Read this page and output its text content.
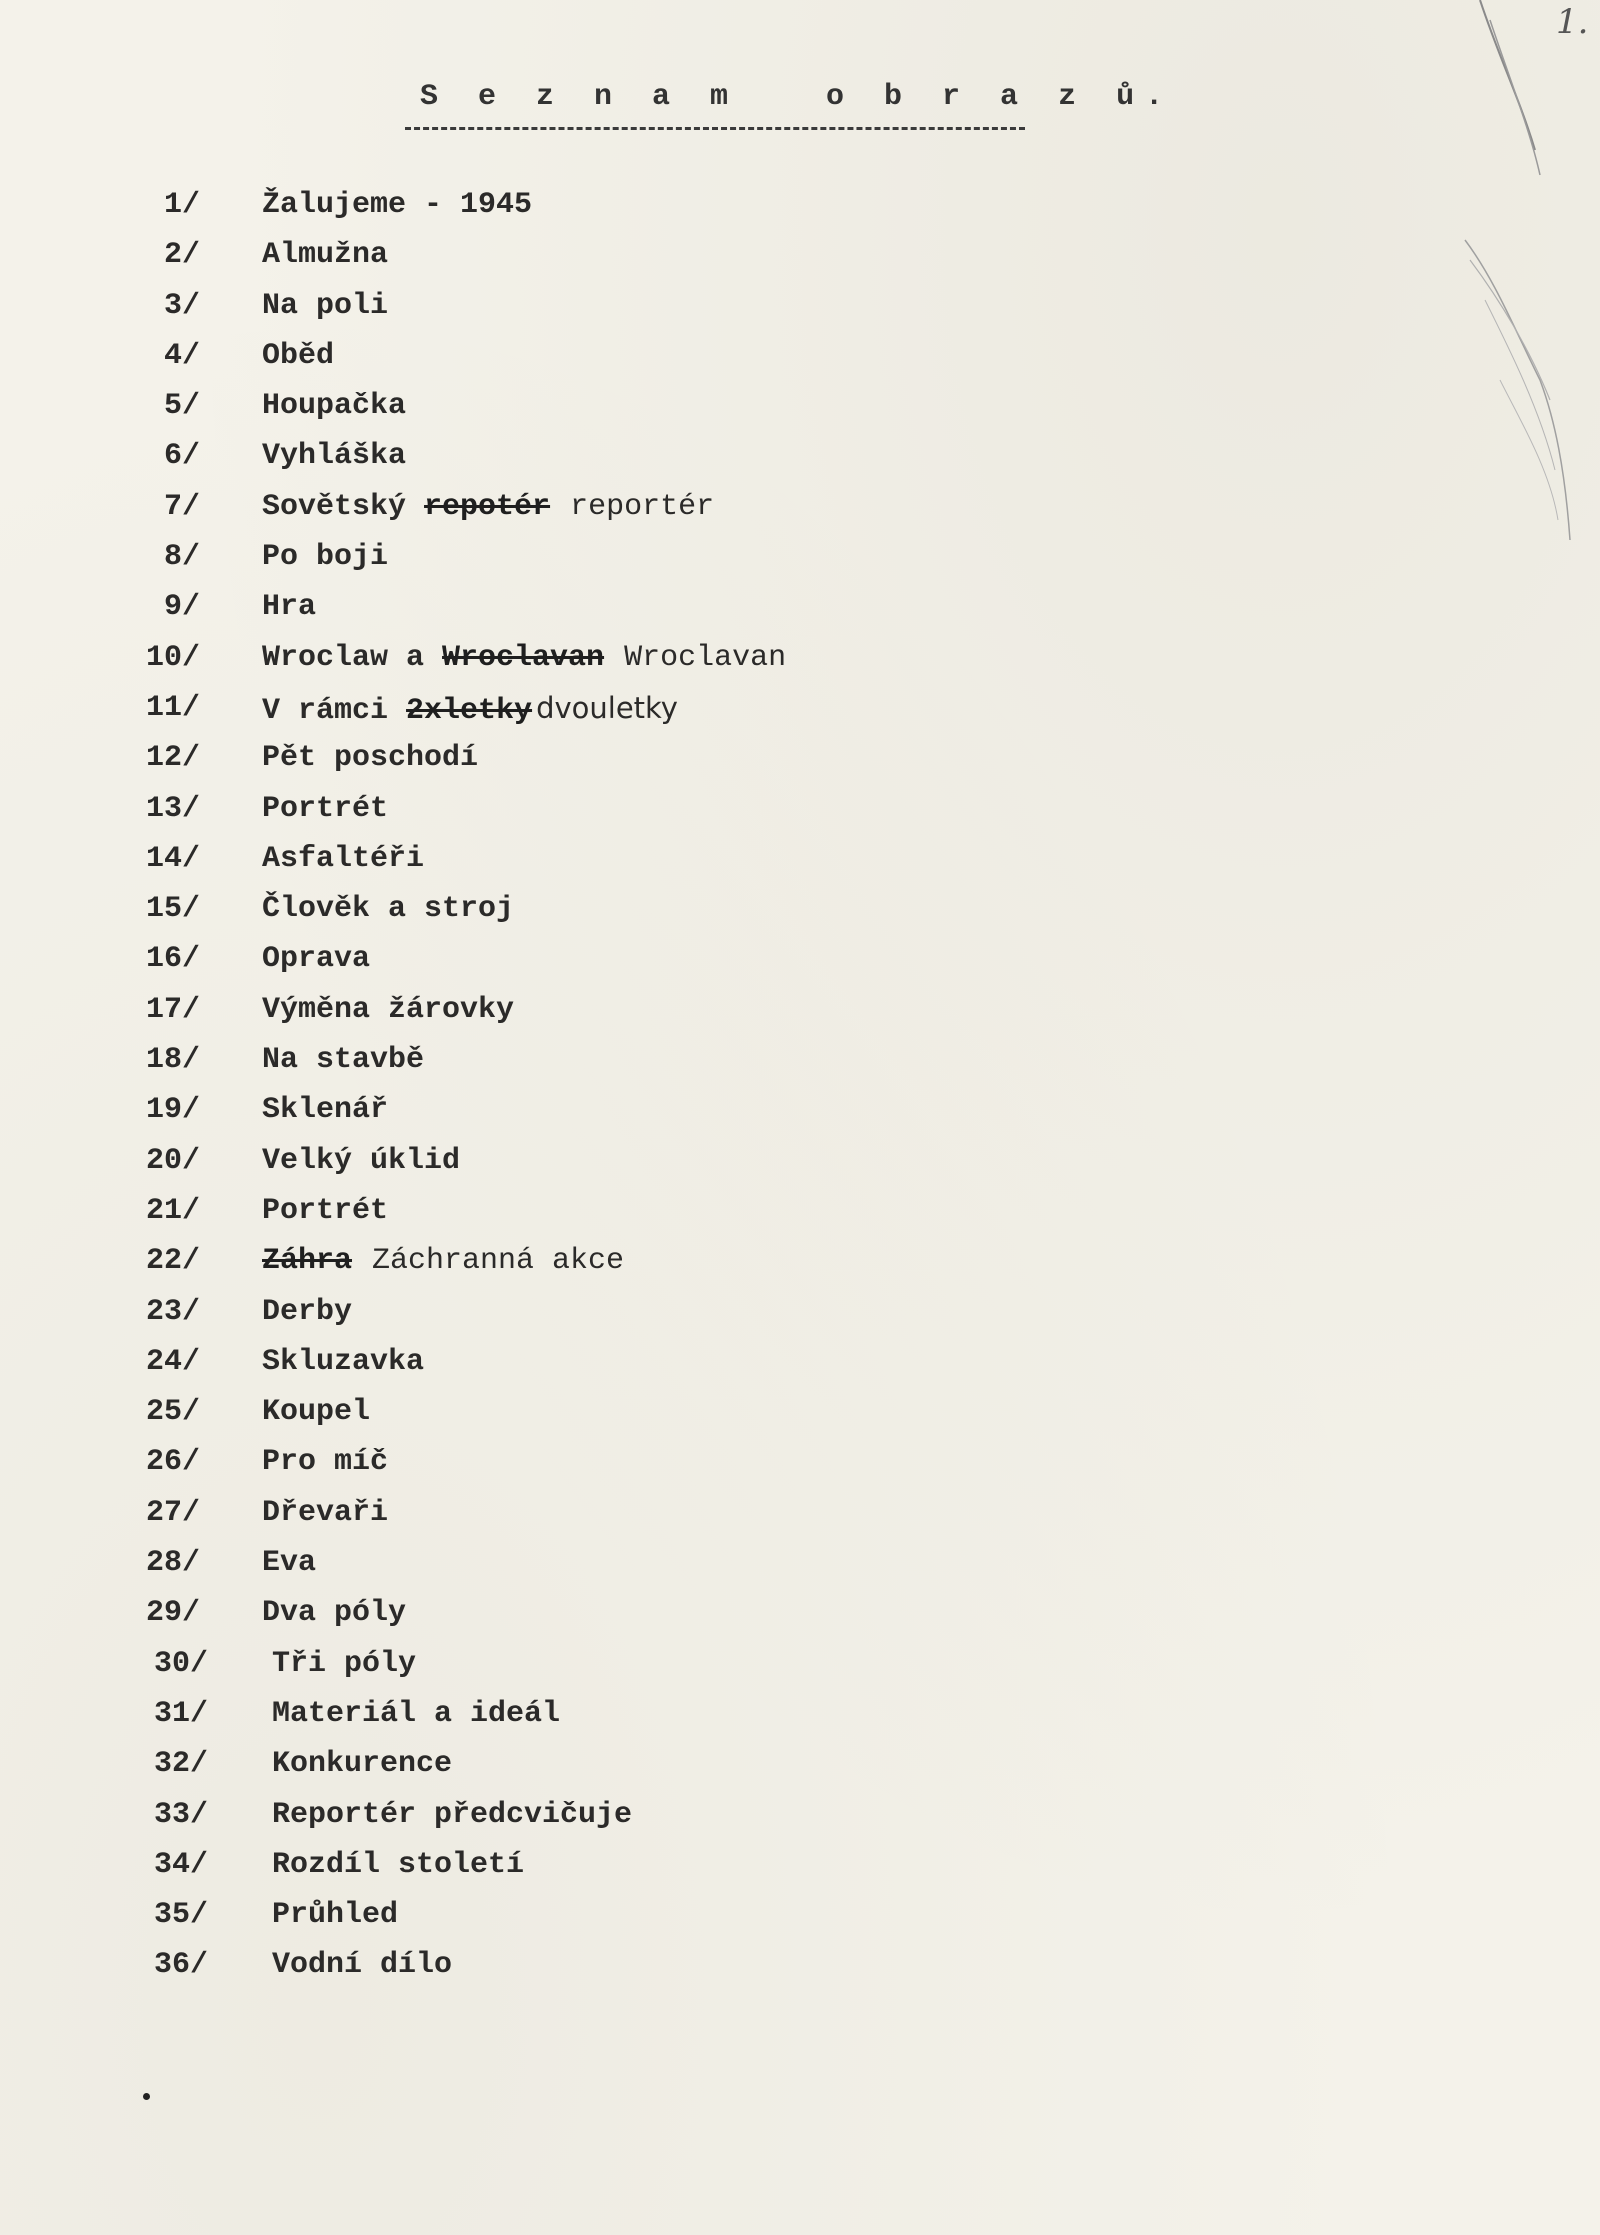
1.
S e z n a m   o b r a z ů.
1/ Žalujeme - 1945
2/ Almužna
3/ Na poli
4/ Oběd
5/ Houpačka
6/ Vyhláška
7/ Sovětský repotér reportér
8/ Po boji
9/ Hra
10/ Wroclaw a Wroclavan Wroclavan
11/ V rámci 2xletky dvouletky
12/ Pět poschodí
13/ Portrét
14/ Asfaltéři
15/ Člověk a stroj
16/ Oprava
17/ Výměna žárovky
18/ Na stavbě
19/ Sklenář
20/ Velký úklid
21/ Portrét
22/ Záhra Záchranná akce
23/ Derby
24/ Skluzavka
25/ Koupel
26/ Pro míč
27/ Dřevaři
28/ Eva
29/ Dva póly
30/ Tři póly
31/ Materiál a ideál
32/ Konkurence
33/ Reportér předcvičuje
34/ Rozdíl století
35/ Průhled
36/ Vodní dílo
